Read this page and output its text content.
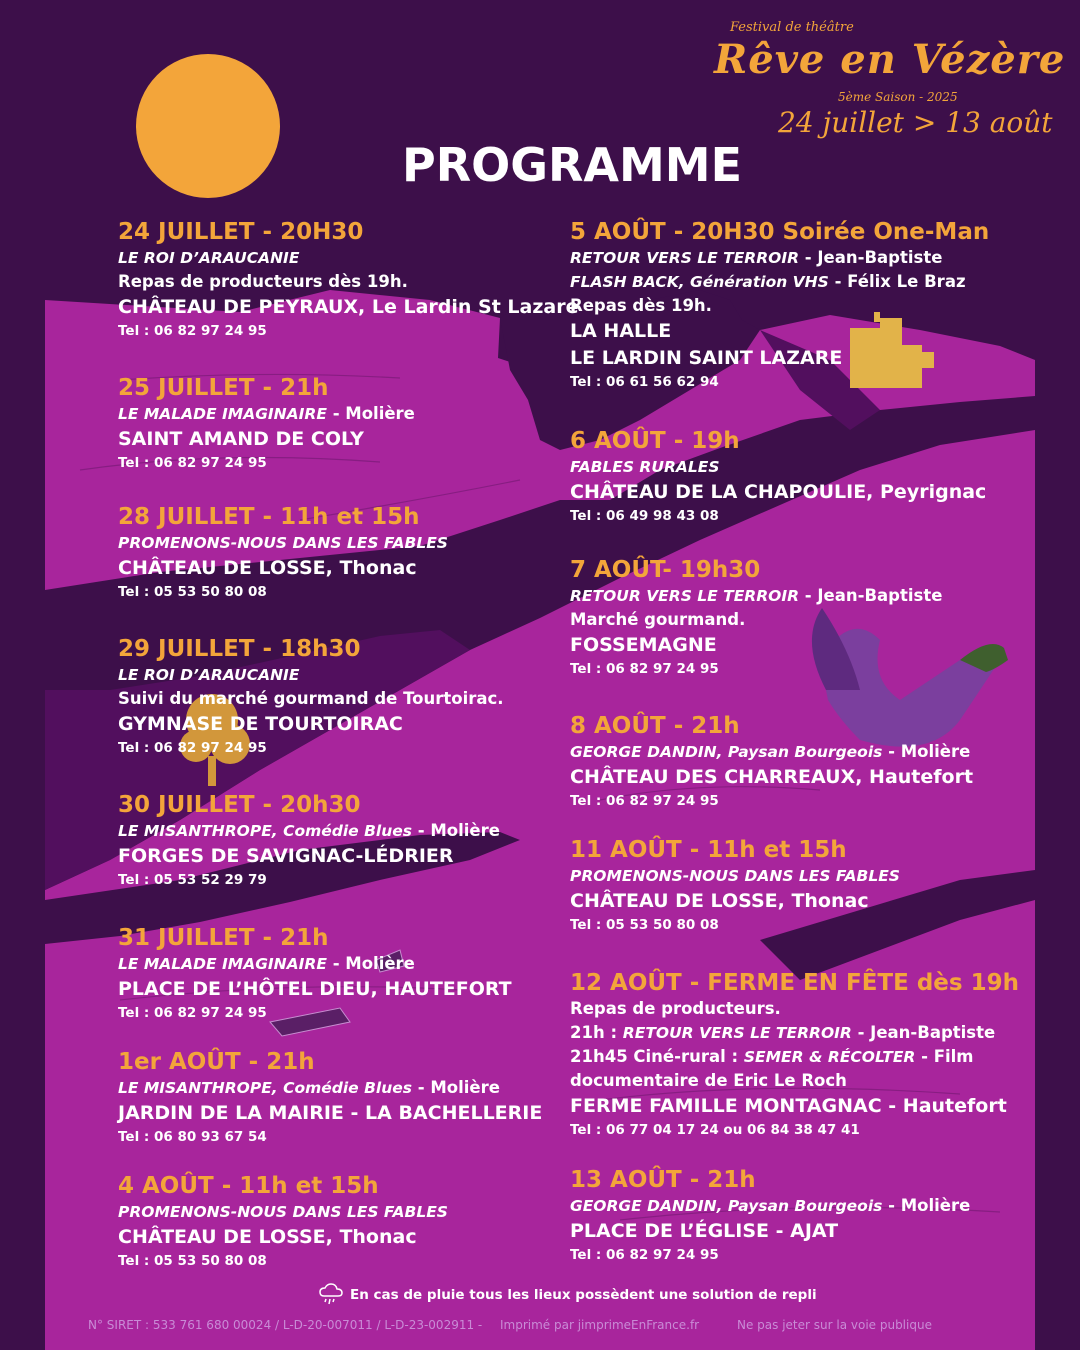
Festival de théâtre
Rêve en Vézère
5ème Saison - 2025
24 juillet > 13 août
PROGRAMME
24 JUILLET - 20H30
LE ROI D’ARAUCANIE
Repas de producteurs dès 19h.
CHÂTEAU DE PEYRAUX, Le Lardin St Lazare
Tel : 06 82 97 24 95
25 JUILLET - 21h
LE MALADE IMAGINAIRE - Molière
SAINT AMAND DE COLY
Tel : 06 82 97 24 95
28 JUILLET - 11h et 15h
PROMENONS-NOUS DANS LES FABLES
CHÂTEAU DE LOSSE, Thonac
Tel : 05 53 50 80 08
29 JUILLET - 18h30
LE ROI D’ARAUCANIE
Suivi du marché gourmand de Tourtoirac.
GYMNASE DE TOURTOIRAC
Tel : 06 82 97 24 95
30 JUILLET - 20h30
LE MISANTHROPE, Comédie Blues - Molière
FORGES DE SAVIGNAC-LÉDRIER
Tel : 05 53 52 29 79
31 JUILLET - 21h
LE MALADE IMAGINAIRE - Molière
PLACE DE L’HÔTEL DIEU, HAUTEFORT
Tel : 06 82 97 24 95
1er AOÛT - 21h
LE MISANTHROPE, Comédie Blues - Molière
JARDIN DE LA MAIRIE - LA BACHELLERIE
Tel : 06 80 93 67 54
4 AOÛT - 11h et 15h
PROMENONS-NOUS DANS LES FABLES
CHÂTEAU DE LOSSE, Thonac
Tel : 05 53 50 80 08
5 AOÛT - 20H30 Soirée One-Man
RETOUR VERS LE TERROIR - Jean-Baptiste
FLASH BACK, Génération VHS - Félix Le Braz
Repas dès 19h.
LA HALLE
LE LARDIN SAINT LAZARE
Tel : 06 61 56 62 94
6 AOÛT - 19h
FABLES RURALES
CHÂTEAU DE LA CHAPOULIE, Peyrignac
Tel : 06 49 98 43 08
7 AOÛT- 19h30
RETOUR VERS LE TERROIR - Jean-Baptiste
Marché gourmand.
FOSSEMAGNE
Tel : 06 82 97 24 95
8 AOÛT - 21h
GEORGE DANDIN, Paysan Bourgeois - Molière
CHÂTEAU DES CHARREAUX, Hautefort
Tel : 06 82 97 24 95
11 AOÛT - 11h et 15h
PROMENONS-NOUS DANS LES FABLES
CHÂTEAU DE LOSSE, Thonac
Tel : 05 53 50 80 08
12 AOÛT - FERME EN FÊTE dès 19h
Repas de producteurs.
21h : RETOUR VERS LE TERROIR - Jean-Baptiste
21h45 Ciné-rural : SEMER & RÉCOLTER - Film
documentaire de Eric Le Roch
FERME FAMILLE MONTAGNAC - Hautefort
Tel : 06 77 04 17 24 ou 06 84 38 47 41
13 AOÛT - 21h
GEORGE DANDIN, Paysan Bourgeois - Molière
PLACE DE L’ÉGLISE - AJAT
Tel : 06 82 97 24 95
En cas de pluie tous les lieux possèdent une solution de repli
N° SIRET : 533 761 680 00024 / L-D-20-007011 / L-D-23-002911 - Imprimé par jimprimeEnFrance.fr	Ne pas jeter sur la voie publique
